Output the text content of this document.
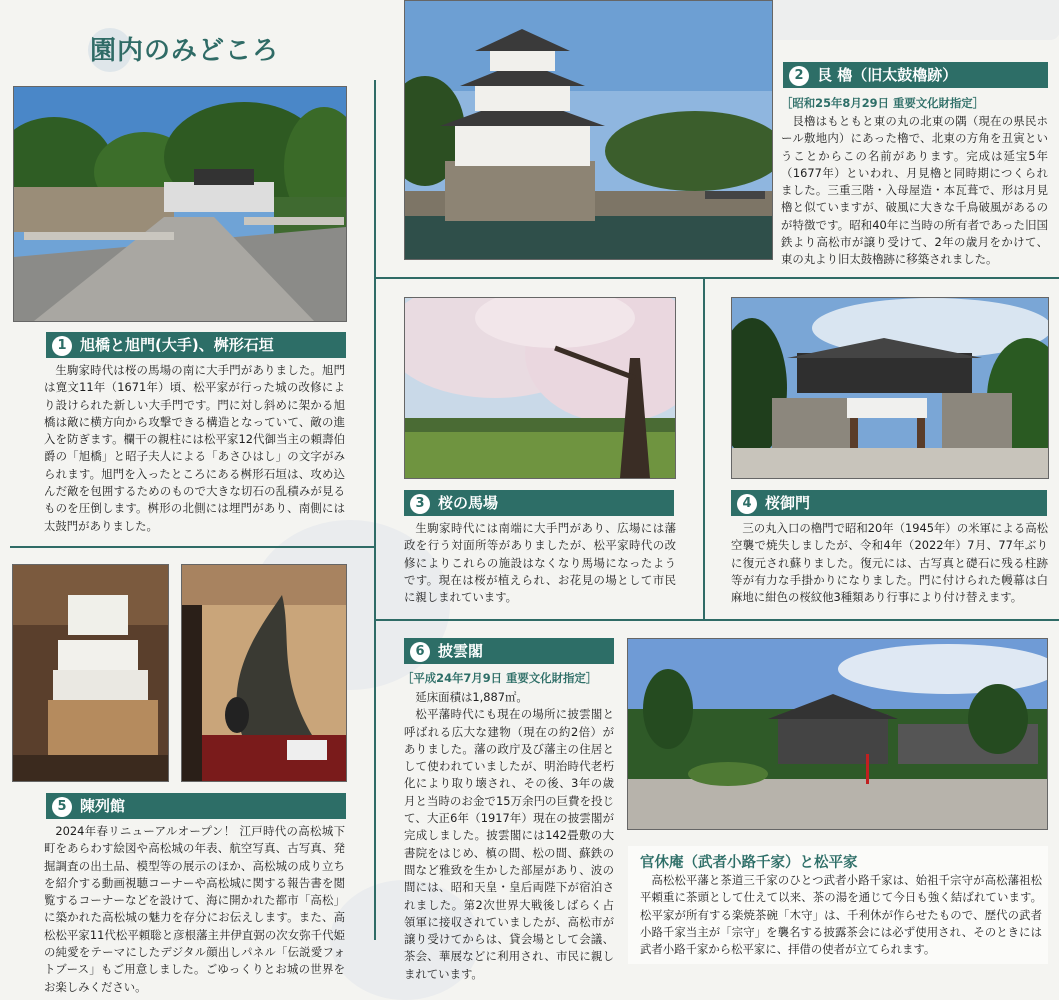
園内のみどころ
1 旭橋と旭門(大手)、桝形石垣

生駒家時代は桜の馬場の南に大手門がありました。旭門は寛文11年（1671年）頃、松平家が行った城の改修により設けられた新しい大手門です。門に対し斜めに架かる旭橋は敵に横方向から攻撃できる構造となっていて、敵の進入を防ぎます。欄干の親柱には松平家12代御当主の頼壽伯爵の「旭橋」と昭子夫人による「あさひはし」の文字がみられます。旭門を入ったところにある桝形石垣は、攻め込んだ敵を包囲するためのもので大きな切石の乱積みが見るものを圧倒します。桝形の北側には埋門があり、南側には太鼓門がありました。

2 艮 櫓（旧太鼓櫓跡）
［昭和25年8月29日 重要文化財指定］

艮櫓はもともと東の丸の北東の隅（現在の県民ホール敷地内）にあった櫓で、北東の方角を丑寅ということからこの名前があります。完成は延宝5年（1677年）といわれ、月見櫓と同時期につくられました。三重三階・入母屋造・本瓦葺で、形は月見櫓と似ていますが、破風に大きな千鳥破風があるのが特徴です。昭和40年に当時の所有者であった旧国鉄より高松市が譲り受けて、2年の歳月をかけて、東の丸より旧太鼓櫓跡に移築されました。

3 桜の馬場

生駒家時代には南端に大手門があり、広場には藩政を行う対面所等がありましたが、松平家時代の改修によりこれらの施設はなくなり馬場になったようです。現在は桜が植えられ、お花見の場として市民に親しまれています。

4 桜御門

三の丸入口の櫓門で昭和20年（1945年）の米軍による高松空襲で焼失しましたが、令和4年（2022年）7月、77年ぶりに復元され蘇りました。復元には、古写真と礎石に残る柱跡等が有力な手掛かりになりました。門に付けられた幔幕は白麻地に紺色の桜紋他3種類あり行事により付け替えます。

5 陳列館

2024年春リニューアルオープン！ 江戸時代の高松城下町をあらわす絵図や高松城の年表、航空写真、古写真、発掘調査の出土品、模型等の展示のほか、高松城の成り立ちを紹介する動画視聴コーナーや高松城に関する報告書を閲覧するコーナーなどを設けて、海に開かれた都市「高松」に築かれた高松城の魅力を存分にお伝えします。また、高松松平家11代松平頼聡と彦根藩主井伊直弼の次女弥千代姫の純愛をテーマにしたデジタル顔出しパネル「伝説愛フォトブース」もご用意しました。ごゆっくりとお城の世界をお楽しみください。

6 披雲閣
［平成24年7月9日 重要文化財指定］

延床面積は1,887㎡。

松平藩時代にも現在の場所に披雲閣と呼ばれる広大な建物（現在の約2倍）がありました。藩の政庁及び藩主の住居として使われていましたが、明治時代老朽化により取り壊され、その後、3年の歳月と当時のお金で15万余円の巨費を投じて、大正6年（1917年）現在の披雲閣が完成しました。披雲閣には142畳敷の大書院をはじめ、槙の間、松の間、蘇鉄の間など雅致を生かした部屋があり、波の間には、昭和天皇・皇后両陛下が宿泊されました。第2次世界大戦後しばらく占領軍に接収されていましたが、高松市が譲り受けてからは、貸会場として会議、茶会、華展などに利用され、市民に親しまれています。

官休庵（武者小路千家）と松平家

高松松平藩と茶道三千家のひとつ武者小路千家は、始祖千宗守が高松藩祖松平頼重に茶頭として仕えて以来、茶の湯を通じて今日も強く結ばれています。松平家が所有する楽焼茶碗「木守」は、千利休が作らせたもので、歴代の武者小路千家当主が「宗守」を襲名する披露茶会には必ず使用され、そのときには武者小路千家から松平家に、拝借の使者が立てられます。
